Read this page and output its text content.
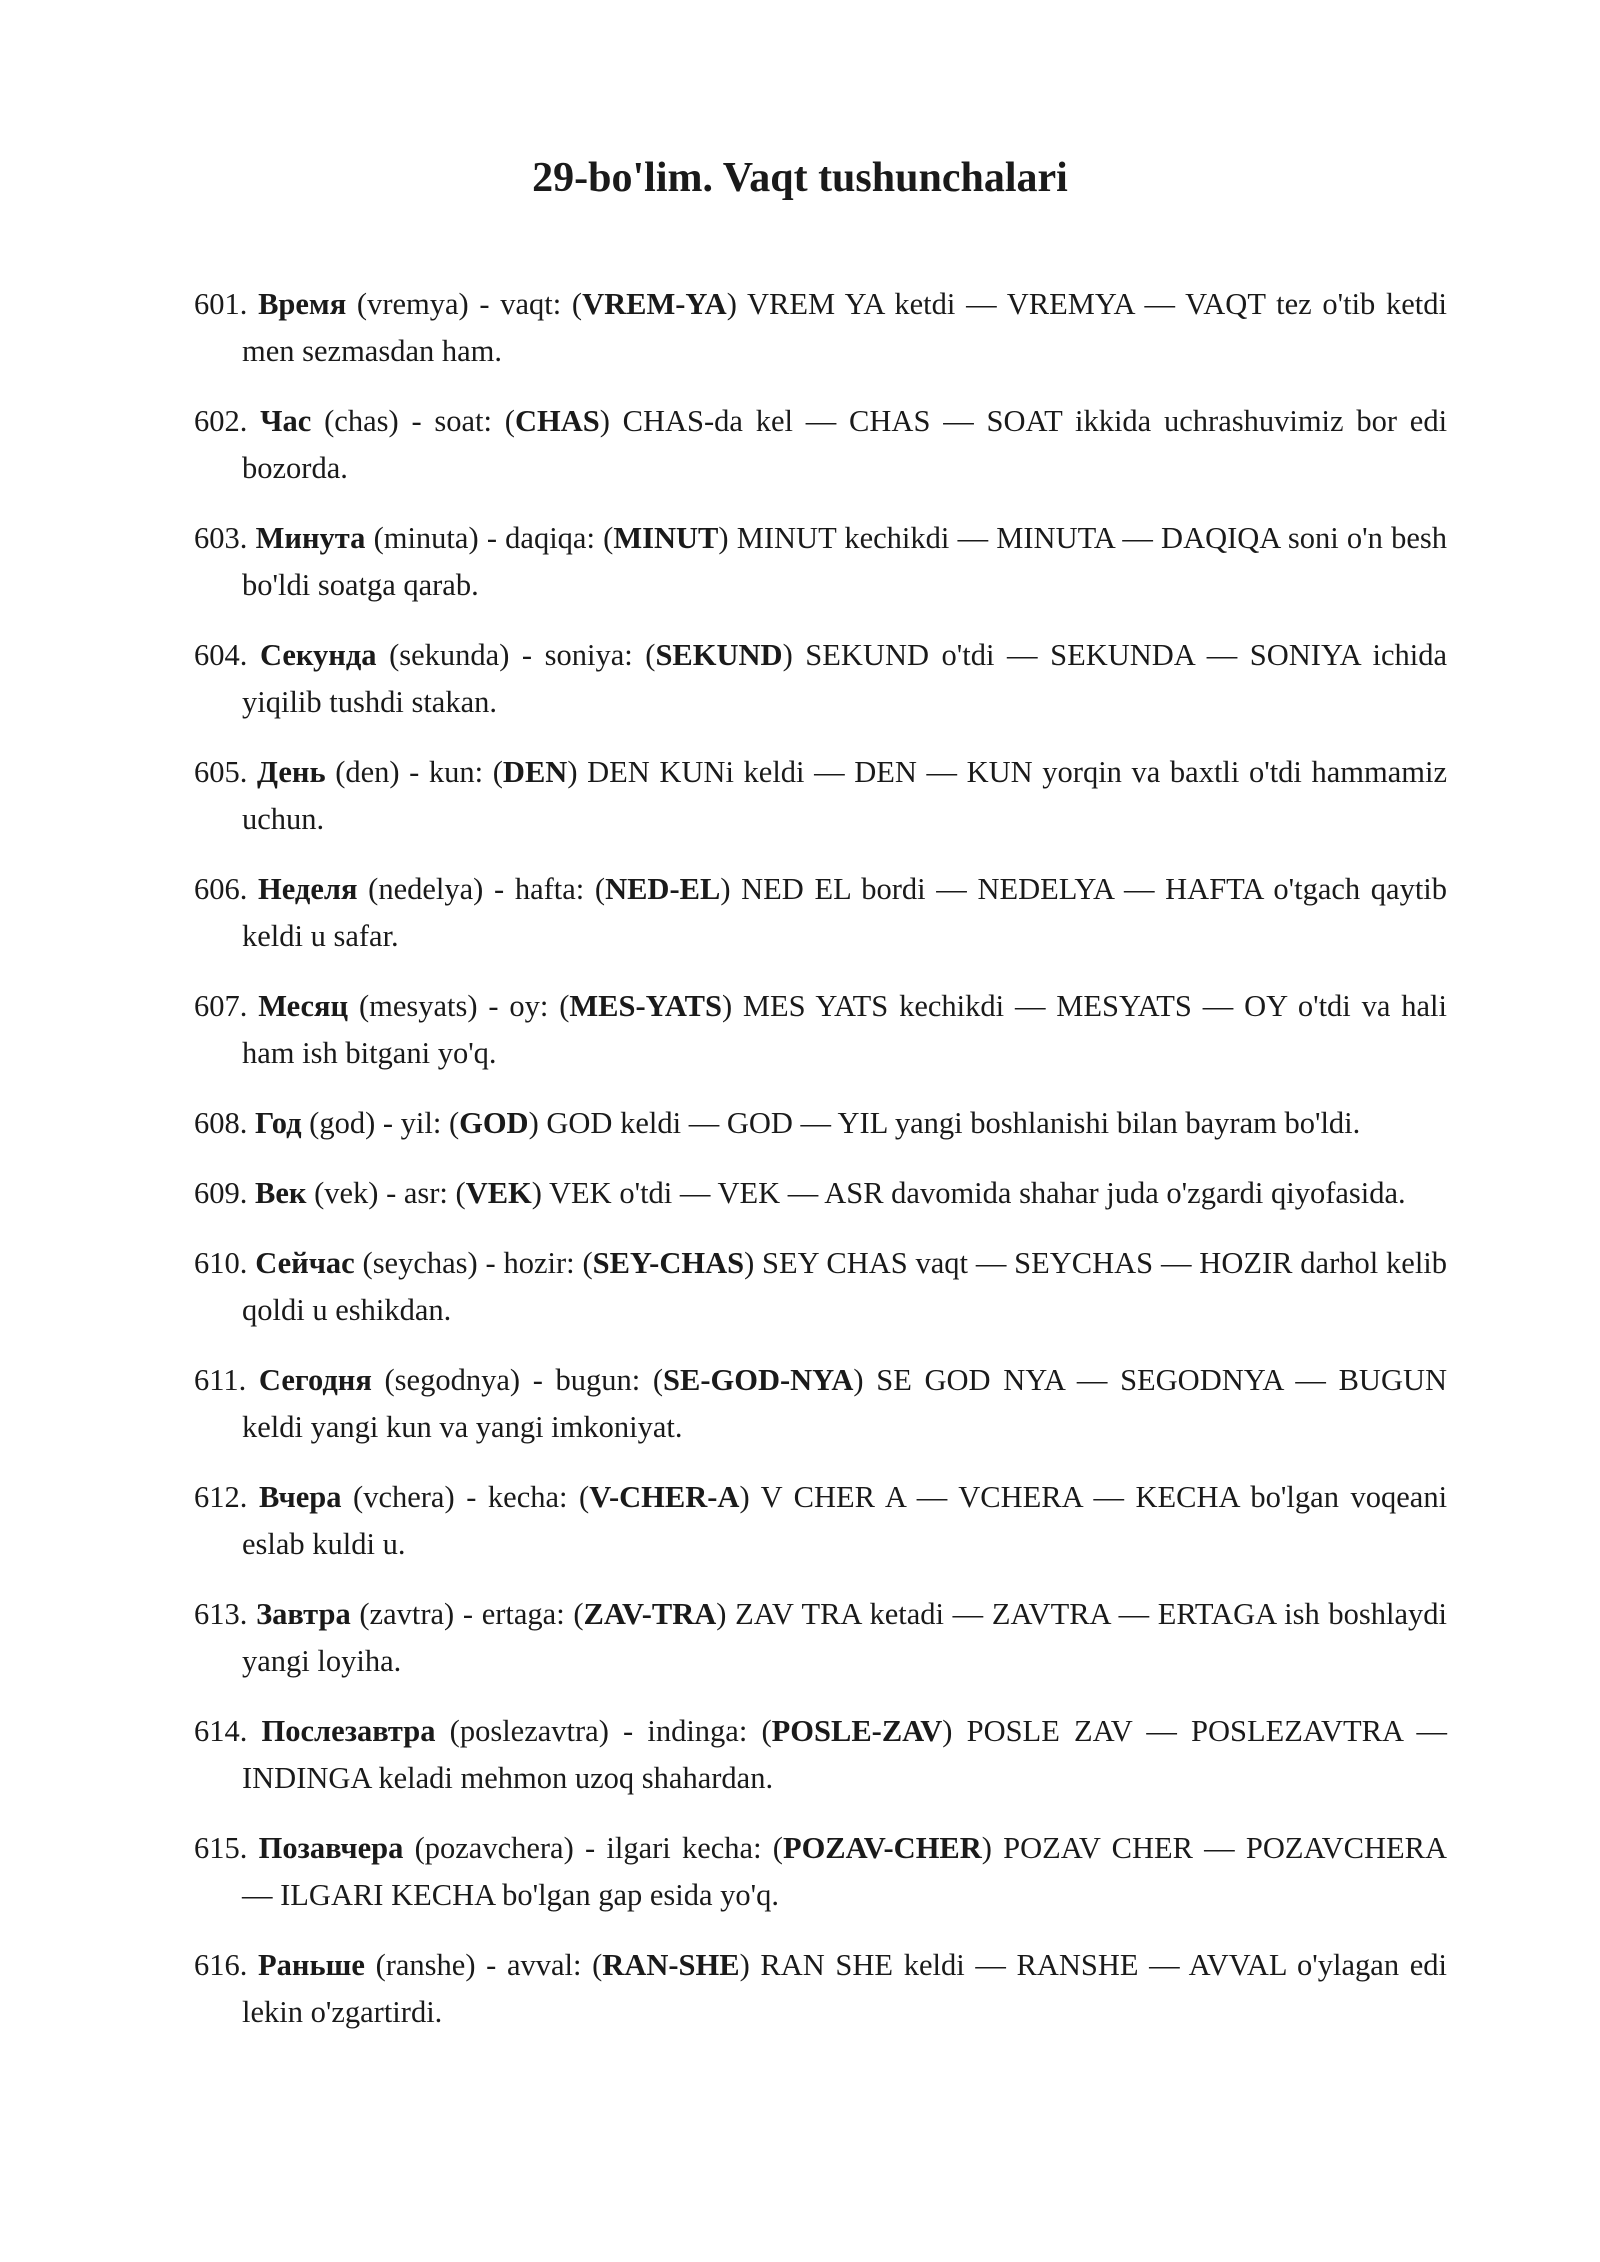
29-bo'lim. Vaqt tushunchalari
601. Время (vremya) - vaqt: (VREM-YA) VREM YA ketdi — VREMYA — VAQT tez o'tib ketdi men sezmasdan ham.
602. Час (chas) - soat: (CHAS) CHAS-da kel — CHAS — SOAT ikkida uchrashuvimiz bor edi bozorda.
603. Минута (minuta) - daqiqa: (MINUT) MINUT kechikdi — MINUTA — DAQIQA soni o'n besh bo'ldi soatga qarab.
604. Секунда (sekunda) - soniya: (SEKUND) SEKUND o'tdi — SEKUNDA — SONIYA ichida yiqilib tushdi stakan.
605. День (den) - kun: (DEN) DEN KUNi keldi — DEN — KUN yorqin va baxtli o'tdi hammamiz uchun.
606. Неделя (nedelya) - hafta: (NED-EL) NED EL bordi — NEDELYA — HAFTA o'tgach qaytib keldi u safar.
607. Месяц (mesyats) - oy: (MES-YATS) MES YATS kechikdi — MESYATS — OY o'tdi va hali ham ish bitgani yo'q.
608. Год (god) - yil: (GOD) GOD keldi — GOD — YIL yangi boshlanishi bilan bayram bo'ldi.
609. Век (vek) - asr: (VEK) VEK o'tdi — VEK — ASR davomida shahar juda o'zgardi qiyofasida.
610. Сейчас (seychas) - hozir: (SEY-CHAS) SEY CHAS vaqt — SEYCHAS — HOZIR darhol kelib qoldi u eshikdan.
611. Сегодня (segodnya) - bugun: (SE-GOD-NYA) SE GOD NYA — SEGODNYA — BUGUN keldi yangi kun va yangi imkoniyat.
612. Вчера (vchera) - kecha: (V-CHER-A) V CHER A — VCHERA — KECHA bo'lgan voqeani eslab kuldi u.
613. Завтра (zavtra) - ertaga: (ZAV-TRA) ZAV TRA ketadi — ZAVTRA — ERTAGA ish boshlaydi yangi loyiha.
614. Послезавтра (poslezavtra) - indinga: (POSLE-ZAV) POSLE ZAV — POSLEZAVTRA — INDINGA keladi mehmon uzoq shahardan.
615. Позавчера (pozavchera) - ilgari kecha: (POZAV-CHER) POZAV CHER — POZAVCHERA — ILGARI KECHA bo'lgan gap esida yo'q.
616. Раньше (ranshe) - avval: (RAN-SHE) RAN SHE keldi — RANSHE — AVVAL o'ylagan edi lekin o'zgartirdi.
